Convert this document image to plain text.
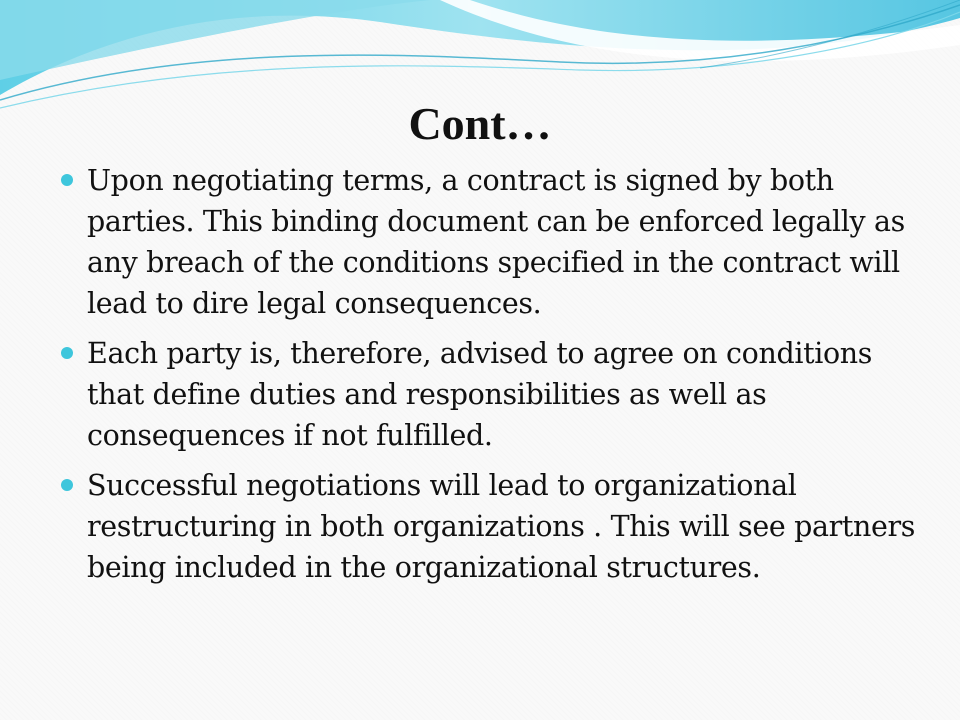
Cont…
Upon negotiating terms, a contract is signed by both parties. This binding document can be enforced legally as any breach of the conditions specified in the contract will lead to dire legal consequences.
Each party is, therefore, advised to agree on conditions that define duties and responsibilities as well as consequences if not fulfilled.
Successful negotiations will lead to organizational restructuring in both organizations . This will see partners being included in the organizational structures.
